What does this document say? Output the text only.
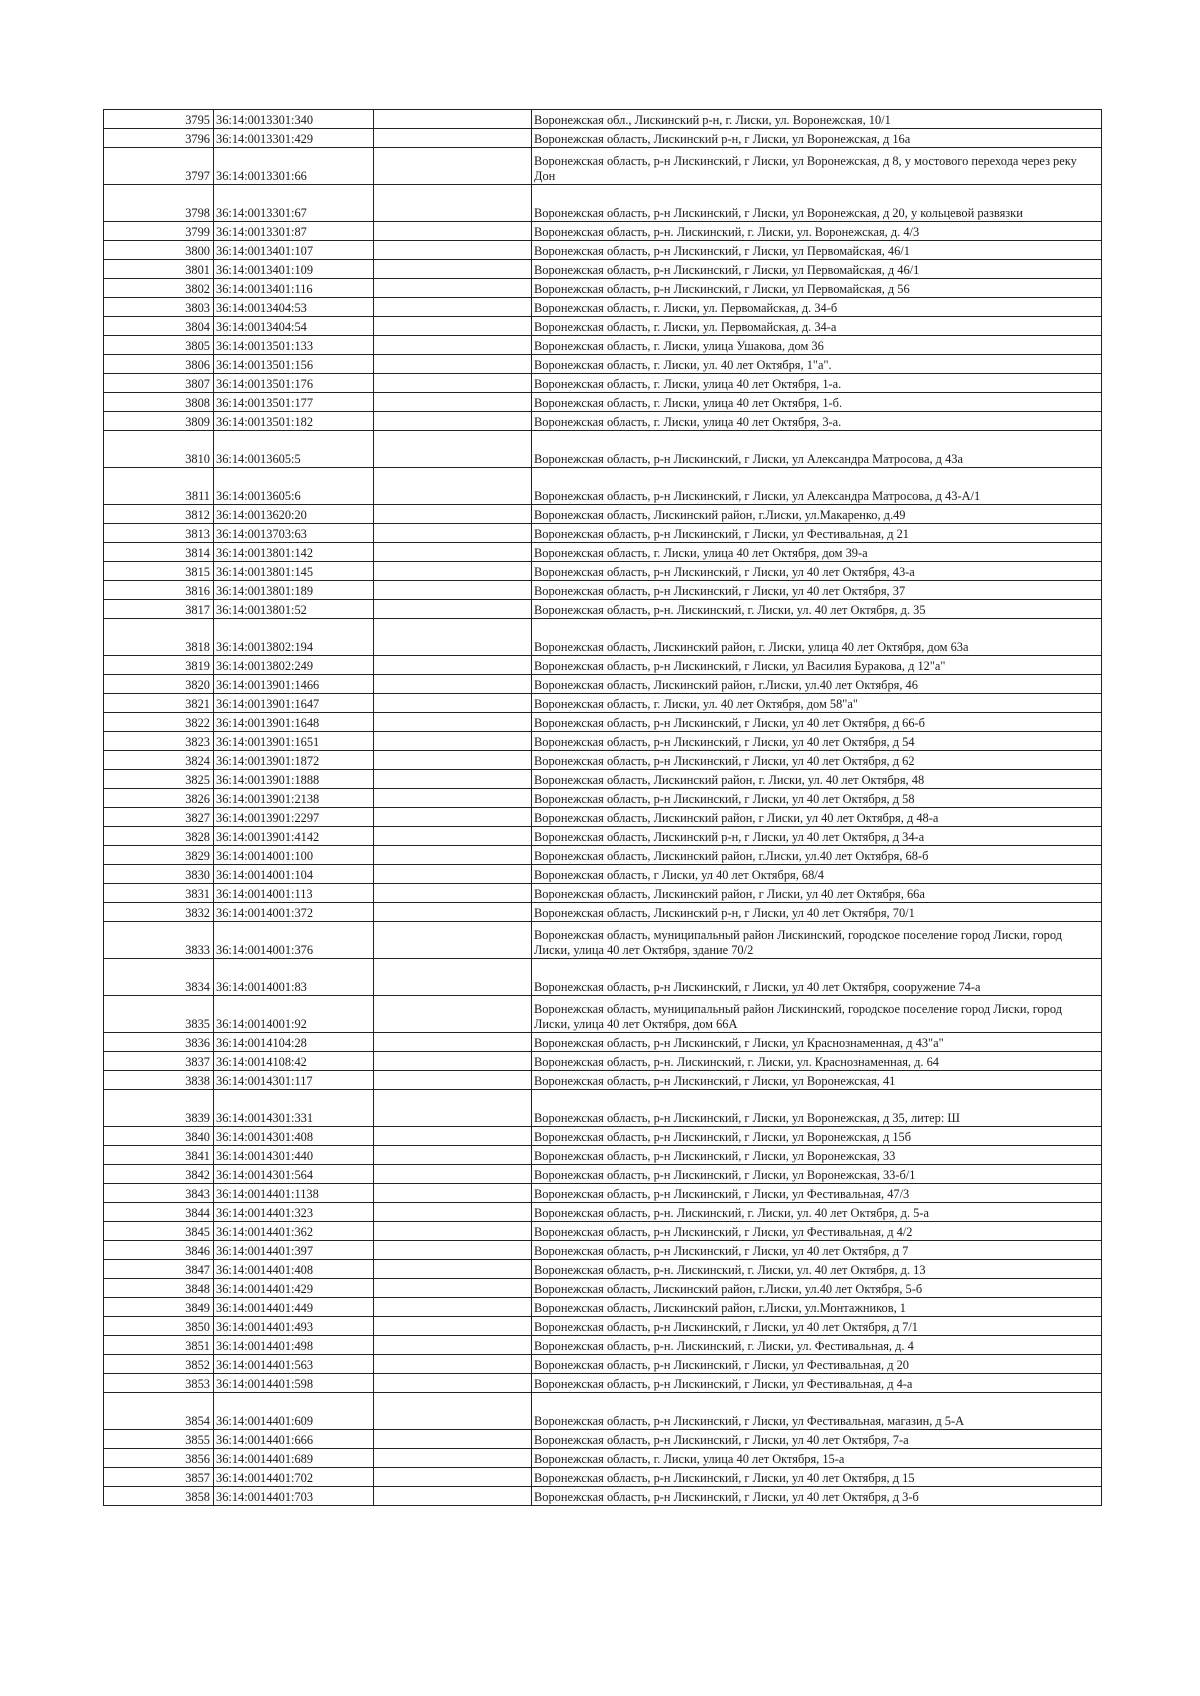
3795	36:14:0013301:340		Воронежская обл., Лискинский р-н, г. Лиски, ул. Воронежская, 10/1
3796	36:14:0013301:429		Воронежская область, Лискинский р-н, г Лиски, ул Воронежская, д 16а
3797	36:14:0013301:66		Воронежская область, р-н Лискинский, г Лиски, ул Воронежская, д 8, у мостового перехода через реку Дон
3798	36:14:0013301:67		Воронежская область, р-н Лискинский, г Лиски, ул Воронежская, д 20, у кольцевой развязки
3799	36:14:0013301:87		Воронежская область, р-н. Лискинский, г. Лиски, ул. Воронежская, д. 4/3
3800	36:14:0013401:107		Воронежская область, р-н Лискинский, г Лиски, ул Первомайская, 46/1
3801	36:14:0013401:109		Воронежская область, р-н Лискинский, г Лиски, ул Первомайская, д 46/1
3802	36:14:0013401:116		Воронежская область, р-н Лискинский, г Лиски, ул Первомайская, д 56
3803	36:14:0013404:53		Воронежская область, г. Лиски, ул. Первомайская, д. 34-б
3804	36:14:0013404:54		Воронежская область, г. Лиски, ул. Первомайская, д. 34-а
3805	36:14:0013501:133		Воронежская область, г. Лиски, улица Ушакова, дом 36
3806	36:14:0013501:156		Воронежская область, г. Лиски, ул. 40 лет Октября, 1"а".
3807	36:14:0013501:176		Воронежская область, г. Лиски, улица 40 лет Октября, 1-а.
3808	36:14:0013501:177		Воронежская область, г. Лиски, улица 40 лет Октября, 1-б.
3809	36:14:0013501:182		Воронежская область, г. Лиски, улица 40 лет Октября, 3-а.
3810	36:14:0013605:5		Воронежская область, р-н Лискинский, г Лиски, ул Александра Матросова, д 43а
3811	36:14:0013605:6		Воронежская область, р-н Лискинский, г Лиски, ул Александра Матросова, д 43-А/1
3812	36:14:0013620:20		Воронежская область, Лискинский район, г.Лиски, ул.Макаренко, д.49
3813	36:14:0013703:63		Воронежская область, р-н Лискинский, г Лиски, ул Фестивальная, д 21
3814	36:14:0013801:142		Воронежская область, г. Лиски, улица 40 лет Октября, дом 39-а
3815	36:14:0013801:145		Воронежская область, р-н Лискинский, г Лиски, ул 40 лет Октября, 43-а
3816	36:14:0013801:189		Воронежская область, р-н Лискинский, г Лиски, ул 40 лет Октября, 37
3817	36:14:0013801:52		Воронежская область, р-н. Лискинский, г. Лиски, ул. 40 лет Октября, д. 35
3818	36:14:0013802:194		Воронежская область, Лискинский район, г. Лиски, улица 40 лет Октября, дом 63а
3819	36:14:0013802:249		Воронежская область, р-н Лискинский, г Лиски, ул Василия Буракова, д 12"а"
3820	36:14:0013901:1466		Воронежская область, Лискинский район, г.Лиски, ул.40 лет Октября, 46
3821	36:14:0013901:1647		Воронежская область, г. Лиски, ул. 40 лет Октября, дом 58"а"
3822	36:14:0013901:1648		Воронежская область, р-н Лискинский, г Лиски, ул 40 лет Октября, д 66-б
3823	36:14:0013901:1651		Воронежская область, р-н Лискинский, г Лиски, ул 40 лет Октября, д 54
3824	36:14:0013901:1872		Воронежская область, р-н Лискинский, г Лиски, ул 40 лет Октября, д 62
3825	36:14:0013901:1888		Воронежская область, Лискинский район, г. Лиски, ул. 40 лет Октября, 48
3826	36:14:0013901:2138		Воронежская область, р-н Лискинский, г Лиски, ул 40 лет Октября, д 58
3827	36:14:0013901:2297		Воронежская область, Лискинский район, г Лиски, ул 40 лет Октября, д 48-а
3828	36:14:0013901:4142		Воронежская область, Лискинский р-н, г Лиски, ул 40 лет Октября, д 34-а
3829	36:14:0014001:100		Воронежская область, Лискинский район, г.Лиски, ул.40 лет Октября, 68-б
3830	36:14:0014001:104		Воронежская область, г Лиски, ул 40 лет Октября, 68/4
3831	36:14:0014001:113		Воронежская область, Лискинский район, г Лиски, ул 40 лет Октября, 66а
3832	36:14:0014001:372		Воронежская область, Лискинский р-н, г Лиски, ул 40 лет Октября, 70/1
3833	36:14:0014001:376		Воронежская область, муниципальный район Лискинский, городское поселение город Лиски, город Лиски, улица 40 лет Октября, здание 70/2
3834	36:14:0014001:83		Воронежская область, р-н Лискинский, г Лиски, ул 40 лет Октября, сооружение 74-а
3835	36:14:0014001:92		Воронежская область, муниципальный район Лискинский, городское поселение город Лиски, город Лиски, улица 40 лет Октября, дом 66А
3836	36:14:0014104:28		Воронежская область, р-н Лискинский, г Лиски, ул Краснознаменная, д 43"а"
3837	36:14:0014108:42		Воронежская область, р-н. Лискинский, г. Лиски, ул. Краснознаменная, д. 64
3838	36:14:0014301:117		Воронежская область, р-н Лискинский, г Лиски, ул Воронежская, 41
3839	36:14:0014301:331		Воронежская область, р-н Лискинский, г Лиски, ул Воронежская, д 35, литер: Ш
3840	36:14:0014301:408		Воронежская область, р-н Лискинский, г Лиски, ул Воронежская, д 15б
3841	36:14:0014301:440		Воронежская область, р-н Лискинский, г Лиски, ул Воронежская, 33
3842	36:14:0014301:564		Воронежская область, р-н Лискинский, г Лиски, ул Воронежская, 33-б/1
3843	36:14:0014401:1138		Воронежская область, р-н Лискинский, г Лиски, ул Фестивальная, 47/3
3844	36:14:0014401:323		Воронежская область, р-н. Лискинский, г. Лиски, ул. 40 лет Октября, д. 5-а
3845	36:14:0014401:362		Воронежская область, р-н Лискинский, г Лиски, ул Фестивальная, д 4/2
3846	36:14:0014401:397		Воронежская область, р-н Лискинский, г Лиски, ул 40 лет Октября, д 7
3847	36:14:0014401:408		Воронежская область, р-н. Лискинский, г. Лиски, ул. 40 лет Октября, д. 13
3848	36:14:0014401:429		Воронежская область, Лискинский район, г.Лиски, ул.40 лет Октября, 5-б
3849	36:14:0014401:449		Воронежская область, Лискинский район, г.Лиски, ул.Монтажников, 1
3850	36:14:0014401:493		Воронежская область, р-н Лискинский, г Лиски, ул 40 лет Октября, д 7/1
3851	36:14:0014401:498		Воронежская область, р-н. Лискинский, г. Лиски, ул. Фестивальная, д. 4
3852	36:14:0014401:563		Воронежская область, р-н Лискинский, г Лиски, ул Фестивальная, д 20
3853	36:14:0014401:598		Воронежская область, р-н Лискинский, г Лиски, ул Фестивальная, д 4-а
3854	36:14:0014401:609		Воронежская область, р-н Лискинский, г Лиски, ул Фестивальная, магазин, д 5-А
3855	36:14:0014401:666		Воронежская область, р-н Лискинский, г Лиски, ул 40 лет Октября, 7-а
3856	36:14:0014401:689		Воронежская область, г. Лиски, улица 40 лет Октября, 15-а
3857	36:14:0014401:702		Воронежская область, р-н Лискинский, г Лиски, ул 40 лет Октября, д 15
3858	36:14:0014401:703		Воронежская область, р-н Лискинский, г Лиски, ул 40 лет Октября, д 3-б
